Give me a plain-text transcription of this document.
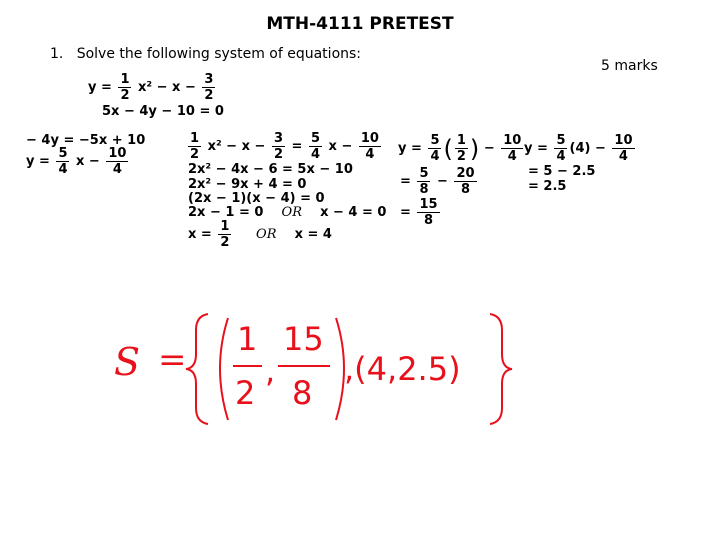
MTH-4111 PRETEST
1. Solve the following system of equations:
5 marks
$y = \frac{1}{2} x^2 - x - \frac{3}{2}$
5x − 4y − 10 = 0
− 4y = −5x + 10
$y = \frac{5}{4}$ $x - \frac{10}{4}$	$\frac{1}{2} x^2 - x - \frac{3}{2} = \frac{5}{4}$ $x - \frac{10}{4}$
2x² − 4x − 6 = 5x − 10
2x² − 9x + 4 = 0
(2x − 1)(x − 4) = 0
2x − 1 = 0 OR x − 4 = 0
$x = \frac{1}{2}$ OR x = 4
$y = \frac{5}{4}$ ( $\frac{1}{2}$ ) − $\frac{10}{4}$
= $\frac{5}{8} - \frac{20}{8}$
= $\frac{15}{8}$
$y = \frac{5}{4} (4) - \frac{10}{4}$
= 5 − 2.5
= 2.5
S =
1
2
,
15
8
,(4,2.5)
